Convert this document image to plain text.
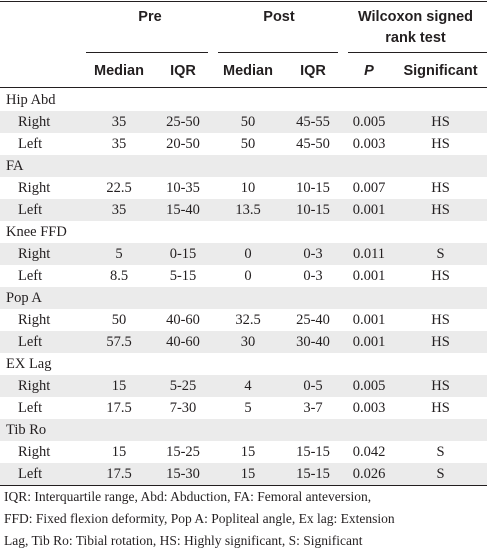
Pre	Post	Wilcoxon signed
rank test
Median	IQR	Median	IQR	P	Significant
Hip Abd
Right	35	25-50	50	45-55	0.005	HS
Left	35	20-50	50	45-50	0.003	HS
FA
Right	22.5	10-35	10	10-15	0.007	HS
Left	35	15-40	13.5	10-15	0.001	HS
Knee FFD
Right	5	0-15	0	0-3	0.011	S
Left	8.5	5-15	0	0-3	0.001	HS
Pop A
Right	50	40-60	32.5	25-40	0.001	HS
Left	57.5	40-60	30	30-40	0.001	HS
EX Lag
Right	15	5-25	4	0-5	0.005	HS
Left	17.5	7-30	5	3-7	0.003	HS
Tib Ro
Right	15	15-25	15	15-15	0.042	S
Left	17.5	15-30	15	15-15	0.026	S
IQR: Interquartile range, Abd: Abduction, FA: Femoral anteversion,
FFD: Fixed flexion deformity, Pop A: Popliteal angle, Ex lag: Extension
Lag, Tib Ro: Tibial rotation, HS: Highly significant, S: Significant
